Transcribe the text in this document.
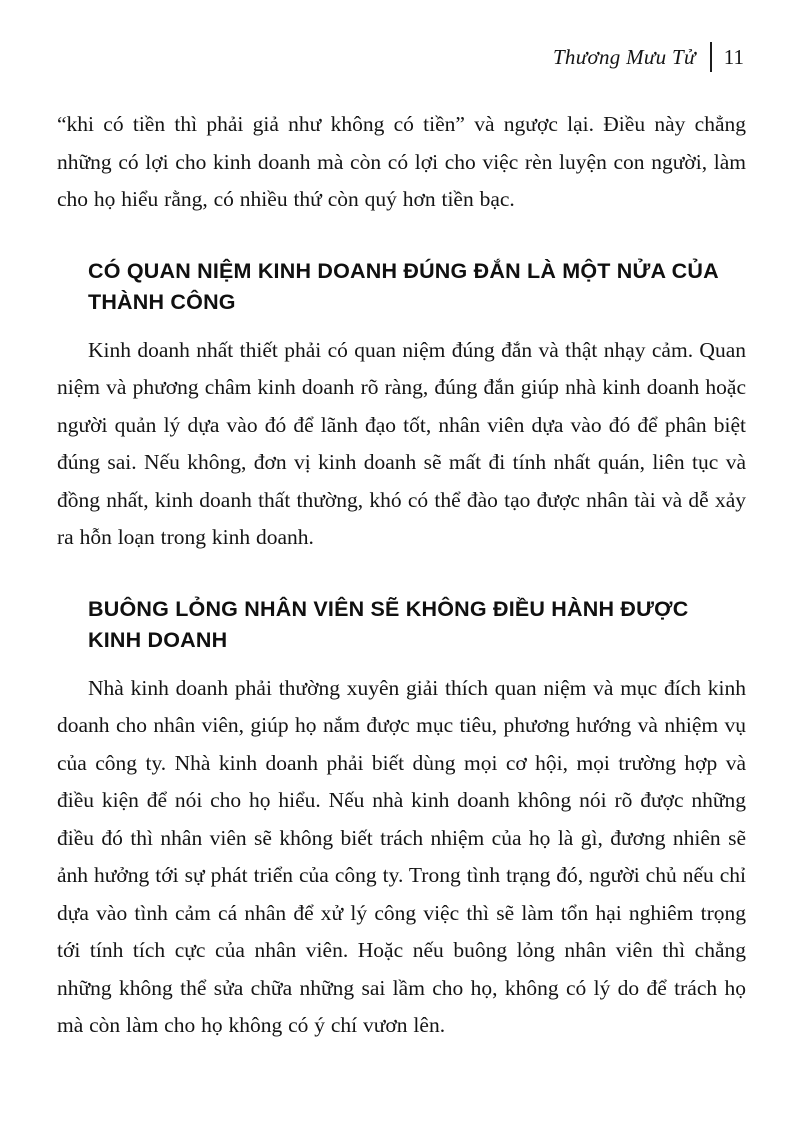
Thương Mưu Tử 11

“khi có tiền thì phải giả như không có tiền” và ngược lại. Điều này chẳng những có lợi cho kinh doanh mà còn có lợi cho việc rèn luyện con người, làm cho họ hiểu rằng, có nhiều thứ còn quý hơn tiền bạc.

CÓ QUAN NIỆM KINH DOANH ĐÚNG ĐẮN LÀ MỘT NỬA CỦA THÀNH CÔNG

Kinh doanh nhất thiết phải có quan niệm đúng đắn và thật nhạy cảm. Quan niệm và phương châm kinh doanh rõ ràng, đúng đắn giúp nhà kinh doanh hoặc người quản lý dựa vào đó để lãnh đạo tốt, nhân viên dựa vào đó để phân biệt đúng sai. Nếu không, đơn vị kinh doanh sẽ mất đi tính nhất quán, liên tục và đồng nhất, kinh doanh thất thường, khó có thể đào tạo được nhân tài và dễ xảy ra hỗn loạn trong kinh doanh.

BUÔNG LỎNG NHÂN VIÊN SẼ KHÔNG ĐIỀU HÀNH ĐƯỢC KINH DOANH

Nhà kinh doanh phải thường xuyên giải thích quan niệm và mục đích kinh doanh cho nhân viên, giúp họ nắm được mục tiêu, phương hướng và nhiệm vụ của công ty. Nhà kinh doanh phải biết dùng mọi cơ hội, mọi trường hợp và điều kiện để nói cho họ hiểu. Nếu nhà kinh doanh không nói rõ được những điều đó thì nhân viên sẽ không biết trách nhiệm của họ là gì, đương nhiên sẽ ảnh hưởng tới sự phát triển của công ty. Trong tình trạng đó, người chủ nếu chỉ dựa vào tình cảm cá nhân để xử lý công việc thì sẽ làm tổn hại nghiêm trọng tới tính tích cực của nhân viên. Hoặc nếu buông lỏng nhân viên thì chẳng những không thể sửa chữa những sai lầm cho họ, không có lý do để trách họ mà còn làm cho họ không có ý chí vươn lên.
